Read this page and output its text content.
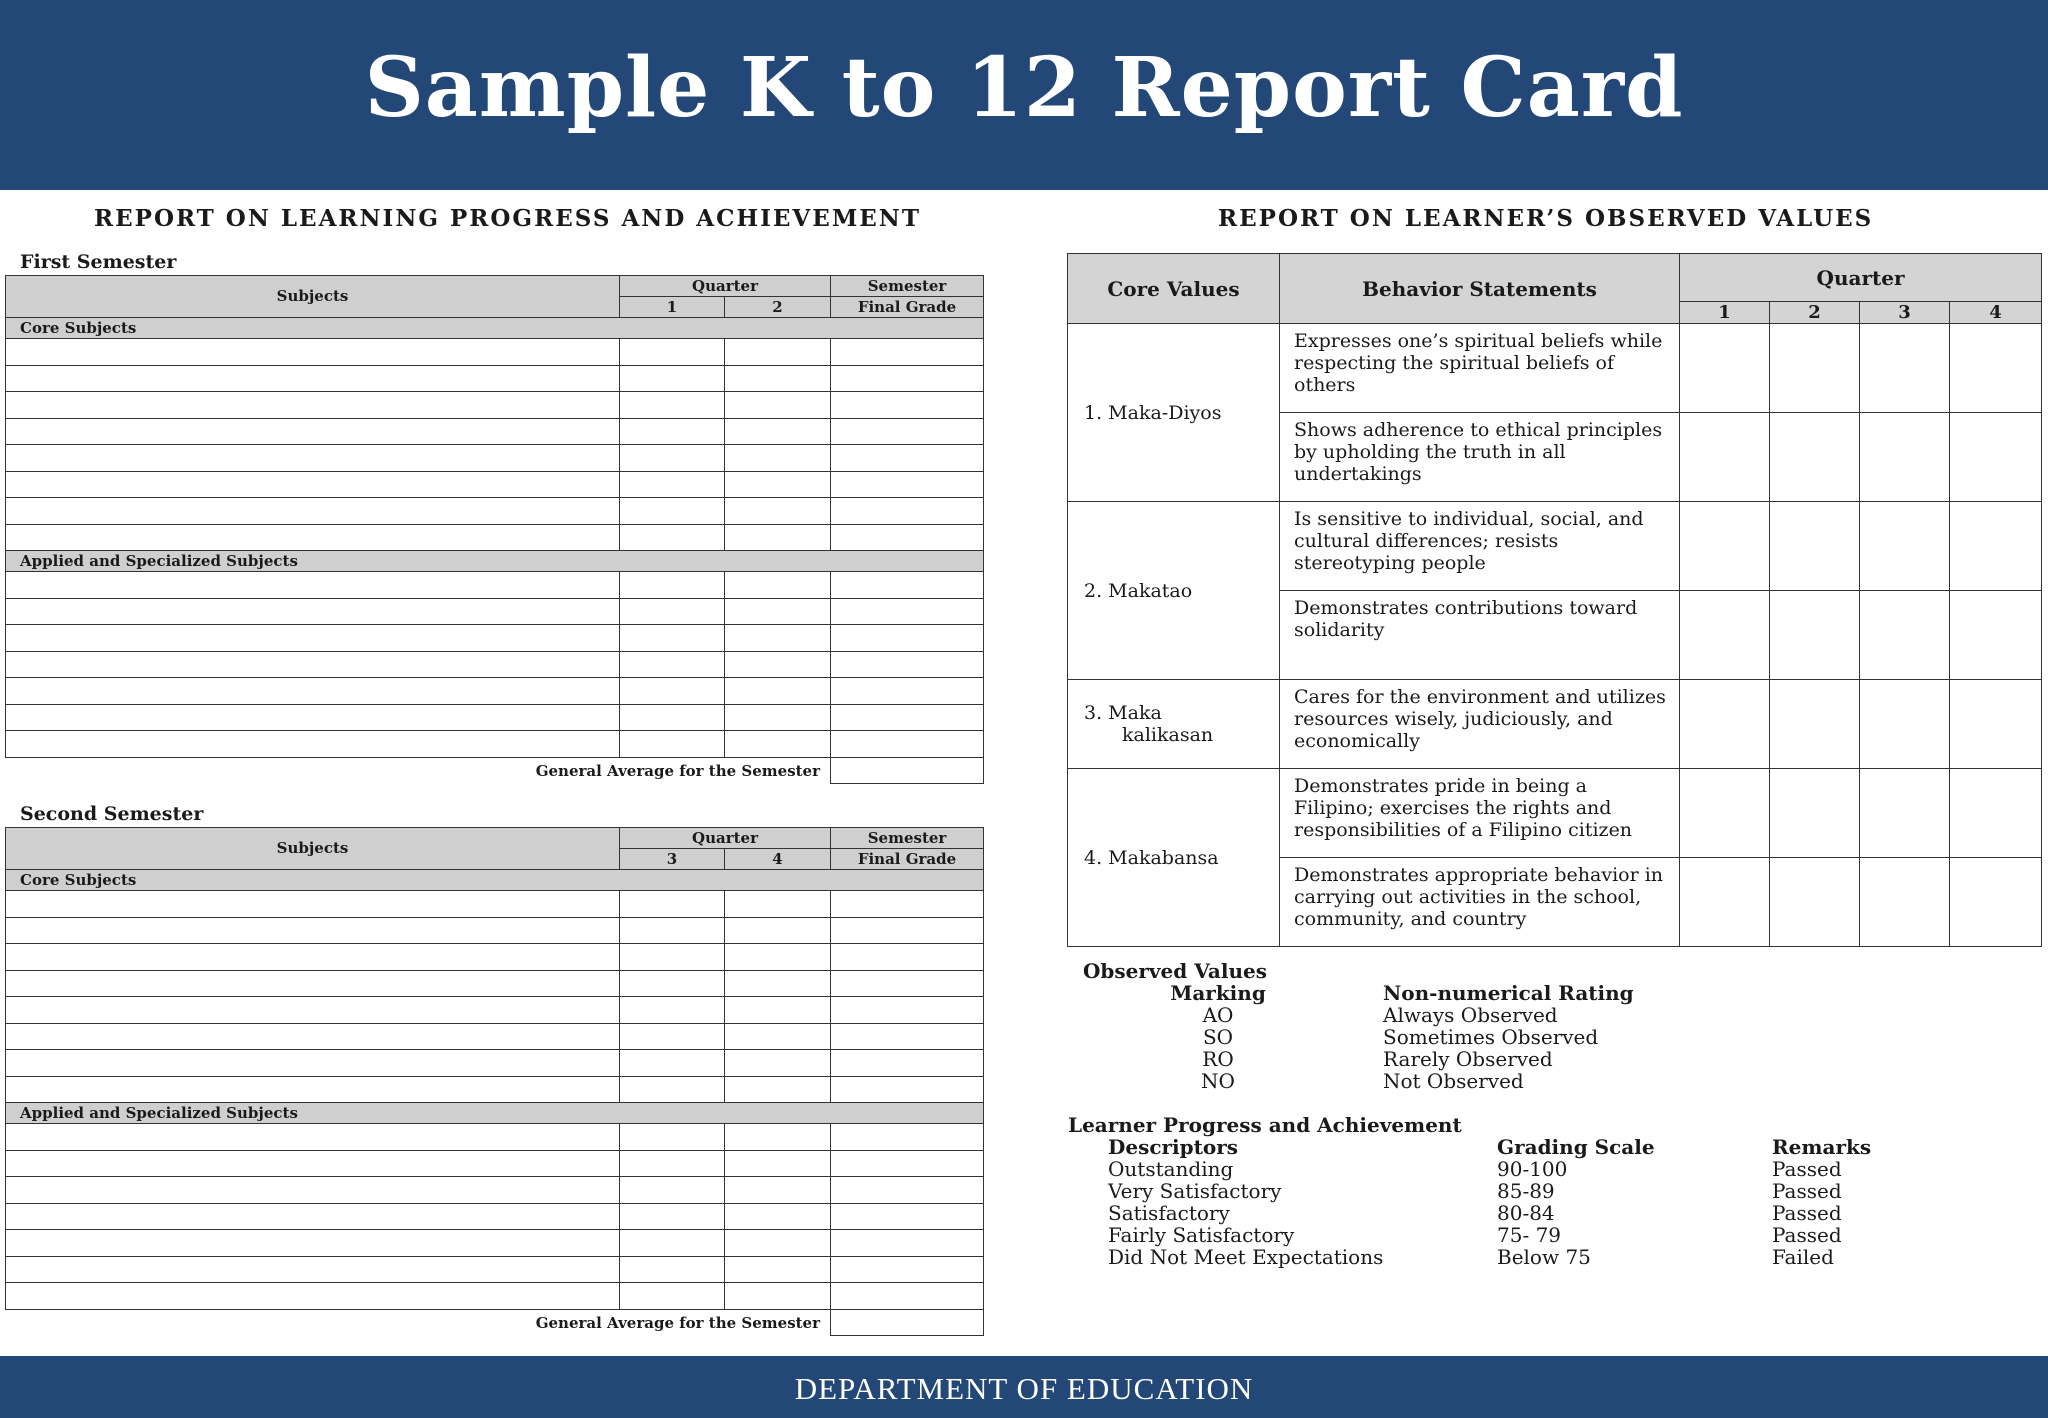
Sample K to 12 Report Card
REPORT ON LEARNING PROGRESS AND ACHIEVEMENT
First Semester
Subjects	Quarter		Semester
	1	2	Final Grade
Core Subjects			

Applied and Specialized Subjects			

General Average for the Semester			
Second Semester
Subjects	Quarter		Semester
	3	4	Final Grade
Core Subjects			

Applied and Specialized Subjects			

General Average for the Semester			
REPORT ON LEARNER’S OBSERVED VALUES
Core Values	Behavior Statements	Quarter			
		1	2	3	4

1. Maka-Diyos	Expresses one’s spiritual beliefs while respecting the spiritual beliefs of others				
	Shows adherence to ethical principles by upholding the truth in all undertakings				

2. Makatao	Is sensitive to individual, social, and cultural differences; resists stereotyping people				
	Demonstrates contributions toward solidarity				

3. Maka
kalikasan	Cares for the environment and utilizes resources wisely, judiciously, and economically				

4. Makabansa	Demonstrates pride in being a Filipino; exercises the rights and responsibilities of a Filipino citizen				
	Demonstrates appropriate behavior in carrying out activities in the school, community, and country				
Observed Values
Marking	Non-numerical Rating
AO	Always Observed
SO	Sometimes Observed
RO	Rarely Observed
NO	Not Observed
Learner Progress and Achievement
Descriptors	Grading Scale	Remarks
Outstanding	90-100	Passed
Very Satisfactory	85-89	Passed
Satisfactory	80-84	Passed
Fairly Satisfactory	75- 79	Passed
Did Not Meet Expectations	Below 75	Failed
DEPARTMENT OF EDUCATION
